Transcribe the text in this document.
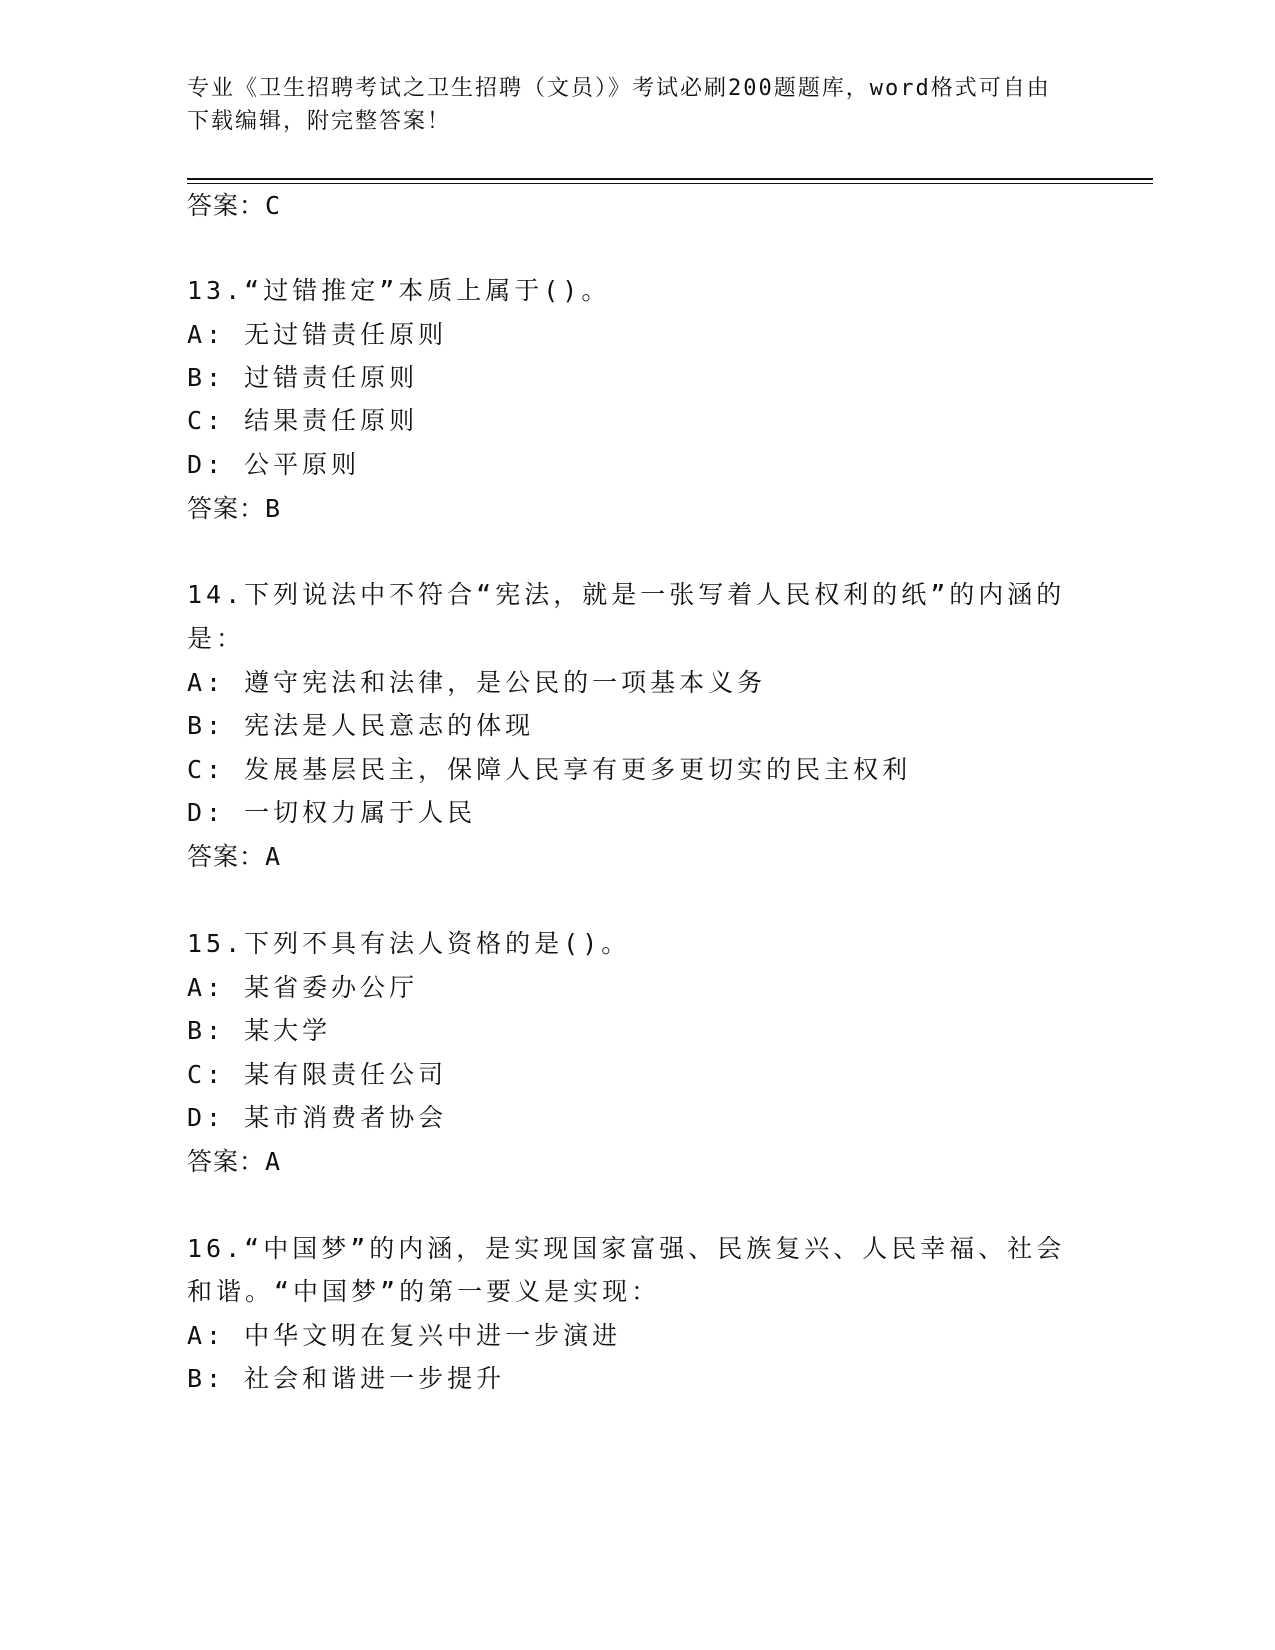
专业《卫生招聘考试之卫生招聘（文员）》考试必刷200题题库，word格式可自由下载编辑，附完整答案！
答案：C
13.“过错推定”本质上属于()。
A: 无过错责任原则
B: 过错责任原则
C: 结果责任原则
D: 公平原则
答案：B
14.下列说法中不符合“宪法，就是一张写着人民权利的纸”的内涵的
是：
A: 遵守宪法和法律，是公民的一项基本义务
B: 宪法是人民意志的体现
C: 发展基层民主，保障人民享有更多更切实的民主权利
D: 一切权力属于人民
答案：A
15.下列不具有法人资格的是()。
A: 某省委办公厅
B: 某大学
C: 某有限责任公司
D: 某市消费者协会
答案：A
16.“中国梦”的内涵，是实现国家富强、民族复兴、人民幸福、社会
和谐。“中国梦”的第一要义是实现：
A: 中华文明在复兴中进一步演进
B: 社会和谐进一步提升
